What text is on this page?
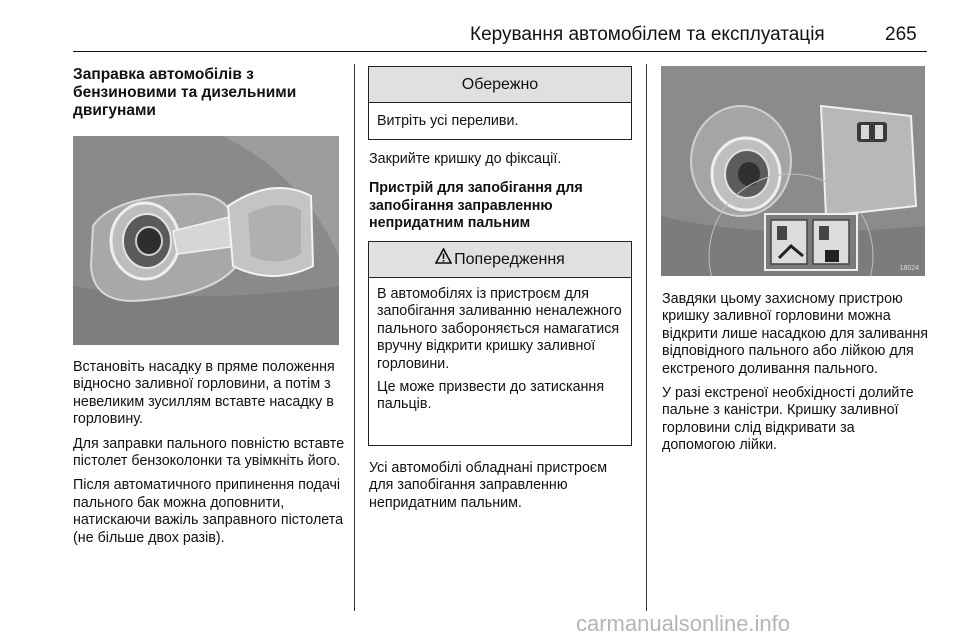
Керування автомобілем та експлуатація	265
Заправка автомобілів з бензиновими та дизельними двигунами

Встановіть насадку в пряме положення відносно заливної горловини, а потім з невеликим зусиллям вставте насадку в горловину.

Для заправки пального повністю вставте пістолет бензоколонки та увімкніть його.

Після автоматичного припинення подачі пального бак можна доповнити, натискаючи важіль заправного пістолета (не більше двох разів).

Обережно
Витріть усі переливи.

Закрийте кришку до фіксації.

Пристрій для запобігання для запобігання заправленню непридатним пальним
Попередження

В автомобілях із пристроєм для запобігання заливанню неналежного пального забороняється намагатися вручну відкрити кришку заливної горловини.

Це може призвести до затискання пальців.

Усі автомобілі обладнані пристроєм для запобігання заправленню непридатним пальним.

18024

Завдяки цьому захисному пристрою кришку заливної горловини можна відкрити лише насадкою для заливання відповідного пального або лійкою для екстреного доливання пального.

У разі екстреної необхідності долийте пальне з каністри. Кришку заливної горловини слід відкривати за допомогою лійки.

carmanualsonline.info
